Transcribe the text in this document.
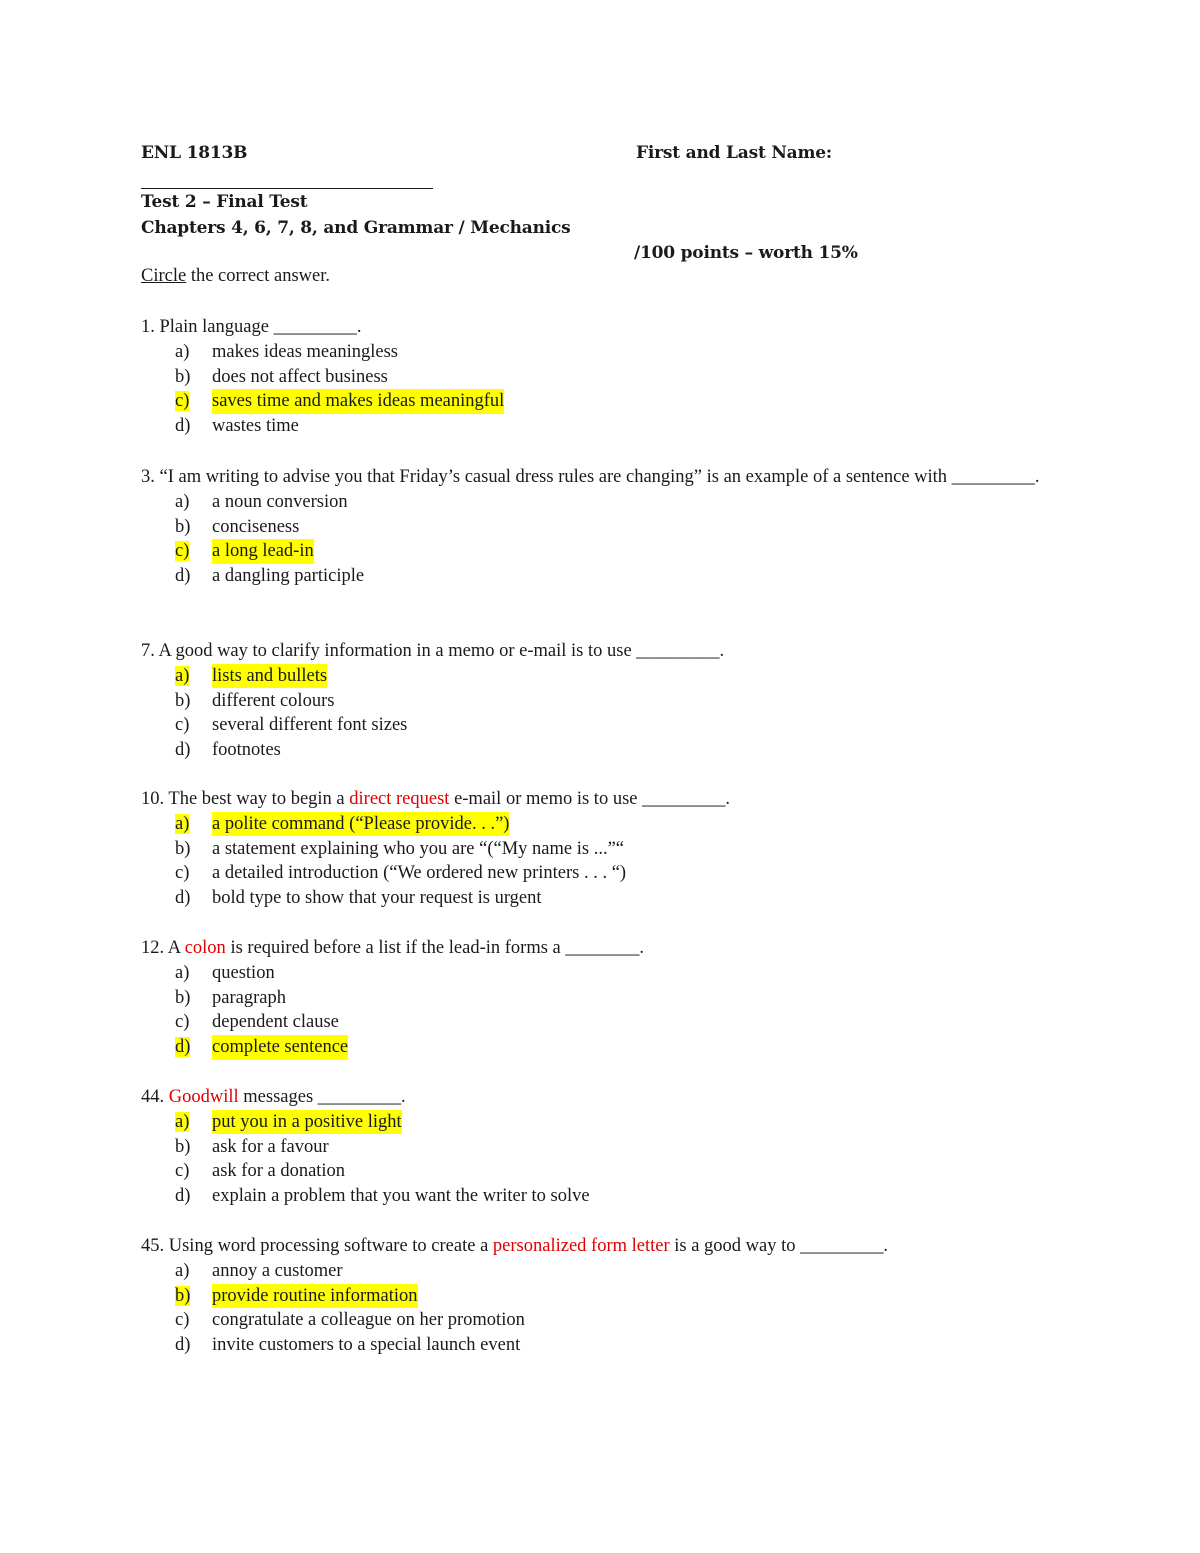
ENL 1813B	First and Last Name:
Test 2 – Final Test
Chapters 4, 6, 7, 8, and Grammar / Mechanics
/100 points – worth 15%
Circle the correct answer.

1. Plain language _________.

a)	makes ideas meaningless
b)	does not affect business
c)	saves time and makes ideas meaningful
d)	wastes time

3. “I am writing to advise you that Friday’s casual dress rules are changing” is an example of a sentence with _________.

a)	a noun conversion
b)	conciseness
c)	a long lead-in
d)	a dangling participle

7. A good way to clarify information in a memo or e-mail is to use _________.

a)	lists and bullets
b)	different colours
c)	several different font sizes
d)	footnotes

10. The best way to begin a direct request e-mail or memo is to use _________.

a)	a polite command (“Please provide. . .”)
b)	a statement explaining who you are “(“My name is ...”“
c)	a detailed introduction (“We ordered new printers . . . “)
d)	bold type to show that your request is urgent

12. A colon is required before a list if the lead-in forms a ________.

a)	question
b)	paragraph
c)	dependent clause
d)	complete sentence

44. Goodwill messages _________.

a)	put you in a positive light
b)	ask for a favour
c)	ask for a donation
d)	explain a problem that you want the writer to solve

45. Using word processing software to create a personalized form letter is a good way to _________.

a)	annoy a customer
b)	provide routine information
c)	congratulate a colleague on her promotion
d)	invite customers to a special launch event
